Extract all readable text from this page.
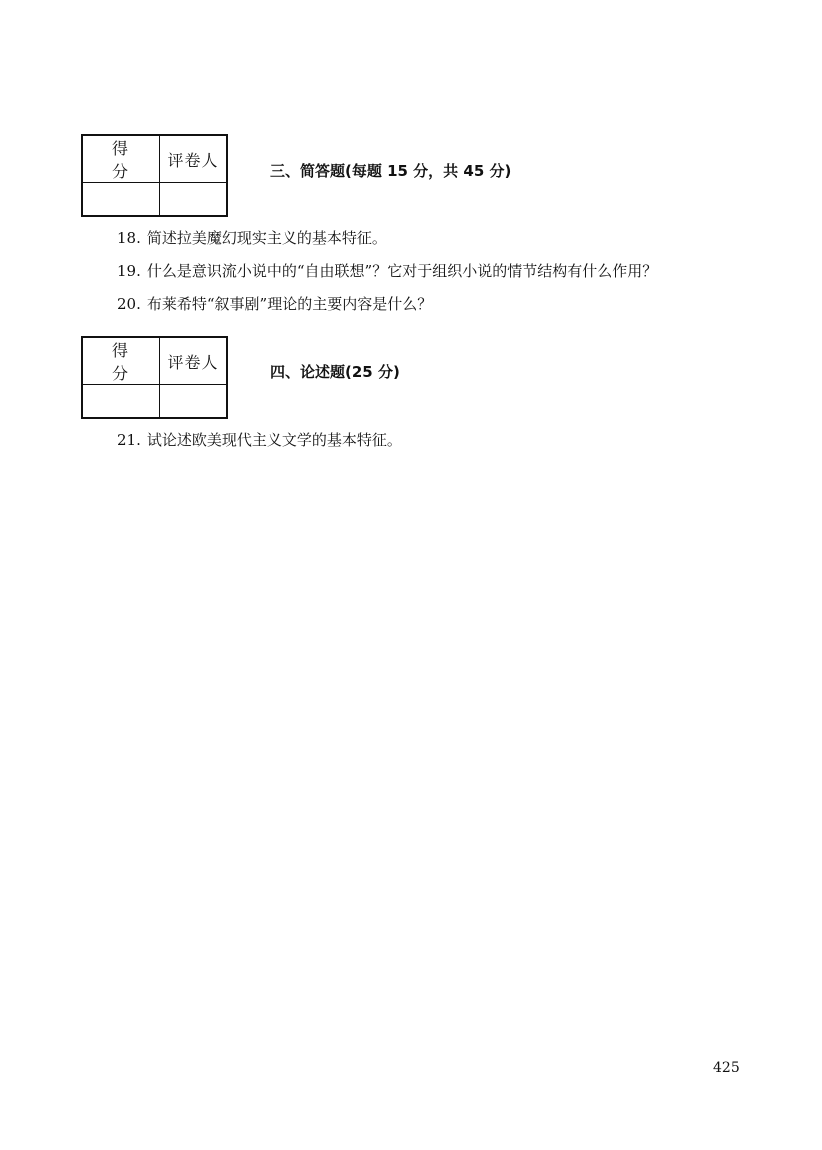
得 分	评卷人

三、简答题(每题 15 分，共 45 分)
18. 简述拉美魔幻现实主义的基本特征。
19. 什么是意识流小说中的“自由联想”？它对于组织小说的情节结构有什么作用？
20. 布莱希特“叙事剧”理论的主要内容是什么？
得 分	评卷人

四、论述题(25 分)
21. 试论述欧美现代主义文学的基本特征。
425
